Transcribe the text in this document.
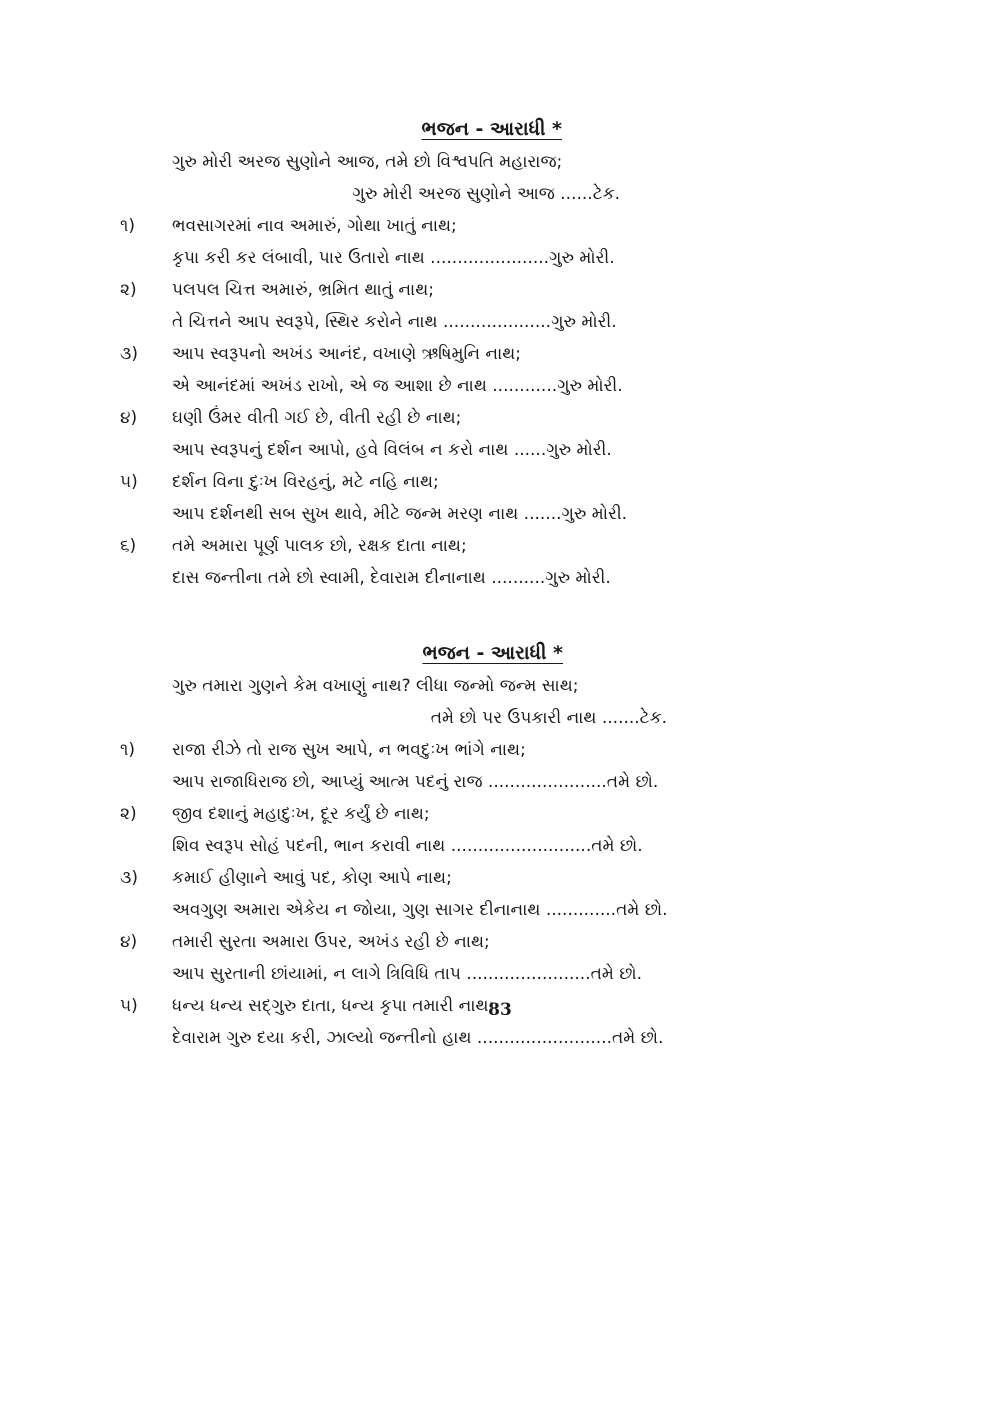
ભજન - આરાધી *
ગુરુ મોરી અરજ સુણોને આજ, તમે છો વિશ્વપતિ મહારાજ;
ગુરુ મોરી અરજ સુણોને આજ ......ટેક.
૧)	ભવસાગરમાં નાવ અમારું, ગોથા ખાતું નાથ;
કૃપા કરી કર લંબાવી, પાર ઉતારો નાથ ......................ગુરુ મોરી.
૨)	પલપલ ચિત્ત અમારું, ભ્રમિત થાતું નાથ;
તે ચિત્તને આપ સ્વરૂપે, સ્થિર કરોને નાથ ....................ગુરુ મોરી.
૩)	આપ સ્વરૂપનો અખંડ આનંદ, વખાણે ઋષિમુનિ નાથ;
એ આનંદમાં અખંડ રાખો, એ જ આશા છે નાથ ............ગુરુ મોરી.
૪)	ઘણી ઉંમર વીતી ગઈ છે, વીતી રહી છે નાથ;
આપ સ્વરૂપનું દર્શન આપો, હવે વિલંબ ન કરો નાથ ......ગુરુ મોરી.
૫)	દર્શન વિના દુઃખ વિરહનું, મટે નહિ નાથ;
આપ દર્શનથી સબ સુખ થાવે, મીટે જન્મ મરણ નાથ .......ગુરુ મોરી.
૬)	તમે અમારા પૂર્ણ પાલક છો, રક્ષક દાતા નાથ;
દાસ જન્તીના તમે છો સ્વામી, દેવારામ દીનાનાથ ..........ગુરુ મોરી.
ભજન - આરાધી *
ગુરુ તમારા ગુણને કેમ વખાણું નાથ? લીધા જન્મો જન્મ સાથ;
તમે છો પર ઉપકારી નાથ .......ટેક.
૧)	રાજા રીઝે તો રાજ સુખ આપે, ન ભવદુઃખ ભાંગે નાથ;
આપ રાજાધિરાજ છો, આપ્યું આત્મ પદનું રાજ ......................તમે છો.
૨)	જીવ દશાનું મહાદુઃખ, દૂર કર્યું છે નાથ;
શિવ સ્વરૂપ સોહં પદની, ભાન કરાવી નાથ ..........................તમે છો.
૩)	કમાઈ હીણાને આવું પદ, કોણ આપે નાથ;
અવગુણ અમારા એકેય ન જોયા, ગુણ સાગર દીનાનાથ .............તમે છો.
૪)	તમારી સુરતા અમારા ઉપર, અખંડ રહી છે નાથ;
આપ સુરતાની છાંયામાં, ન લાગે ત્રિવિધિ તાપ .......................તમે છો.
૫)	ધન્ય ધન્ય સદ્‌ગુરુ દાતા, ધન્ય કૃપા તમારી નાથ;
દેવારામ ગુરુ દયા કરી, ઝાલ્યો જન્તીનો હાથ .........................તમે છો.
83
